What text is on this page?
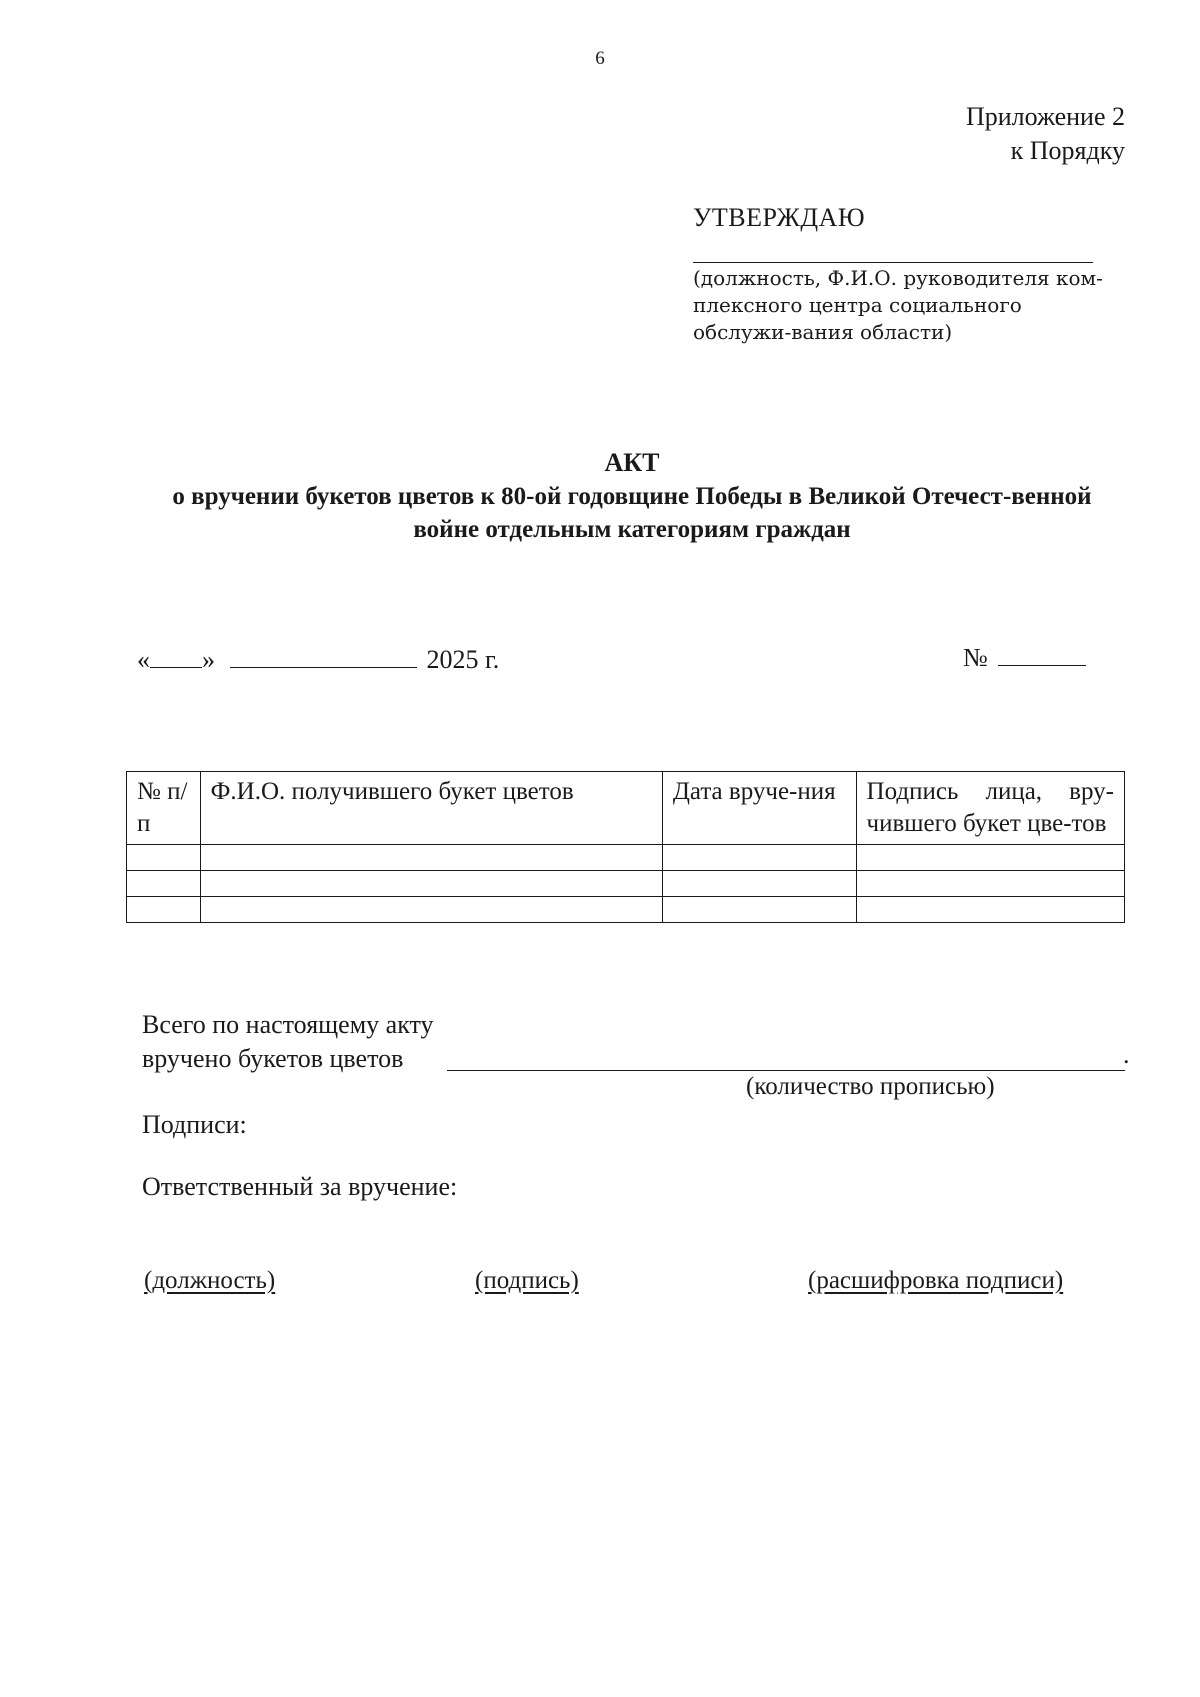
6
Приложение 2
к Порядку
УТВЕРЖДАЮ
(должность, Ф.И.О. руководителя ком-плексного центра социального обслужи-вания области)
АКТ
о вручении букетов цветов к 80-ой годовщине Победы в Великой Отечест-венной войне отдельным категориям граждан
« »	2025 г.	№
№ п/п	Ф.И.О. получившего букет цветов	Дата вруче-ния	Подпись лица, вру-чившего букет цве-тов

Всего по настоящему акту
вручено букетов цветов	.
(количество прописью)
Подписи:
Ответственный за вручение:
(должность)	(подпись)	(расшифровка подписи)
